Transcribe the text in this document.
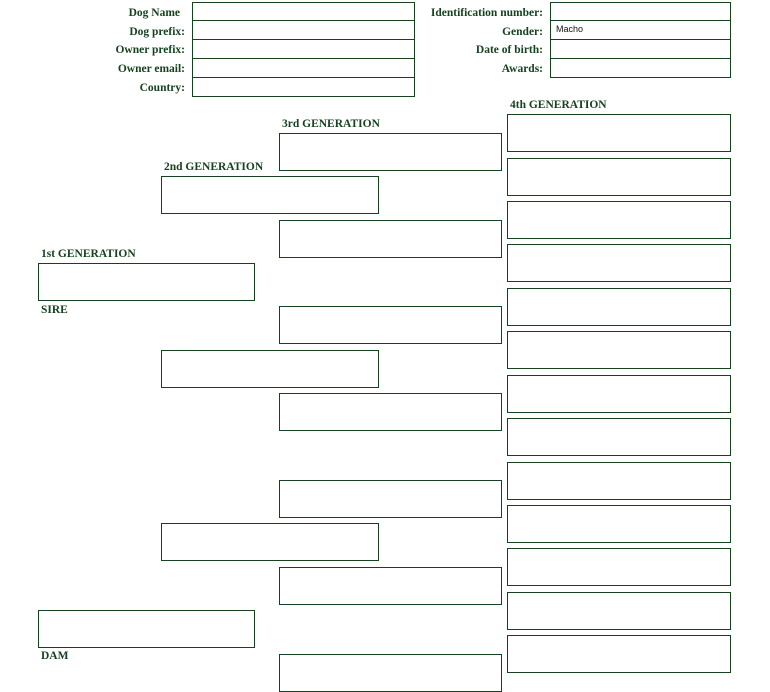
Dog Name
Dog prefix:
Owner prefix:
Owner email:
Country:
Identification number:
Gender:	Macho
Date of birth:
Awards:
4th GENERATION
3rd GENERATION
2nd GENERATION
1st GENERATION
SIRE
DAM
